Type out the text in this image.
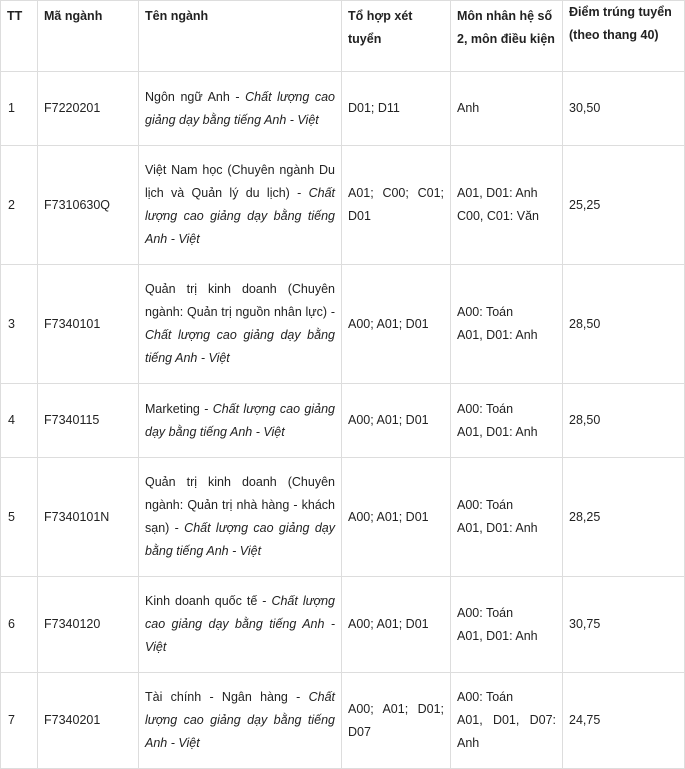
TT	Mã ngành	Tên ngành	Tổ hợp xét tuyển	Môn nhân hệ số 2, môn điều kiện	Điểm trúng tuyển
(theo thang 40)

1	F7220201	Ngôn ngữ Anh - Chất lượng cao giảng dạy bằng tiếng Anh - Việt	D01; D11	Anh	30,50
2	F7310630Q	Việt Nam học (Chuyên ngành Du lịch và Quản lý du lịch) - Chất lượng cao giảng dạy bằng tiếng Anh - Việt	A01; C00; C01; D01	A01, D01: Anh
C00, C01: Văn	25,25
3	F7340101	Quản trị kinh doanh (Chuyên ngành: Quản trị nguồn nhân lực) - Chất lượng cao giảng dạy bằng tiếng Anh - Việt	A00; A01; D01	A00: Toán
A01, D01: Anh	28,50
4	F7340115	Marketing - Chất lượng cao giảng dạy bằng tiếng Anh - Việt	A00; A01; D01	A00: Toán
A01, D01: Anh	28,50
5	F7340101N	Quản trị kinh doanh (Chuyên ngành: Quản trị nhà hàng - khách sạn) - Chất lượng cao giảng dạy bằng tiếng Anh - Việt	A00; A01; D01	A00: Toán
A01, D01: Anh	28,25
6	F7340120	Kinh doanh quốc tế - Chất lượng cao giảng dạy bằng tiếng Anh - Việt	A00; A01; D01	A00: Toán
A01, D01: Anh	30,75
7	F7340201	Tài chính - Ngân hàng - Chất lượng cao giảng dạy bằng tiếng Anh - Việt	A00; A01; D01; D07	A00: Toán
A01, D01, D07: Anh	24,75
